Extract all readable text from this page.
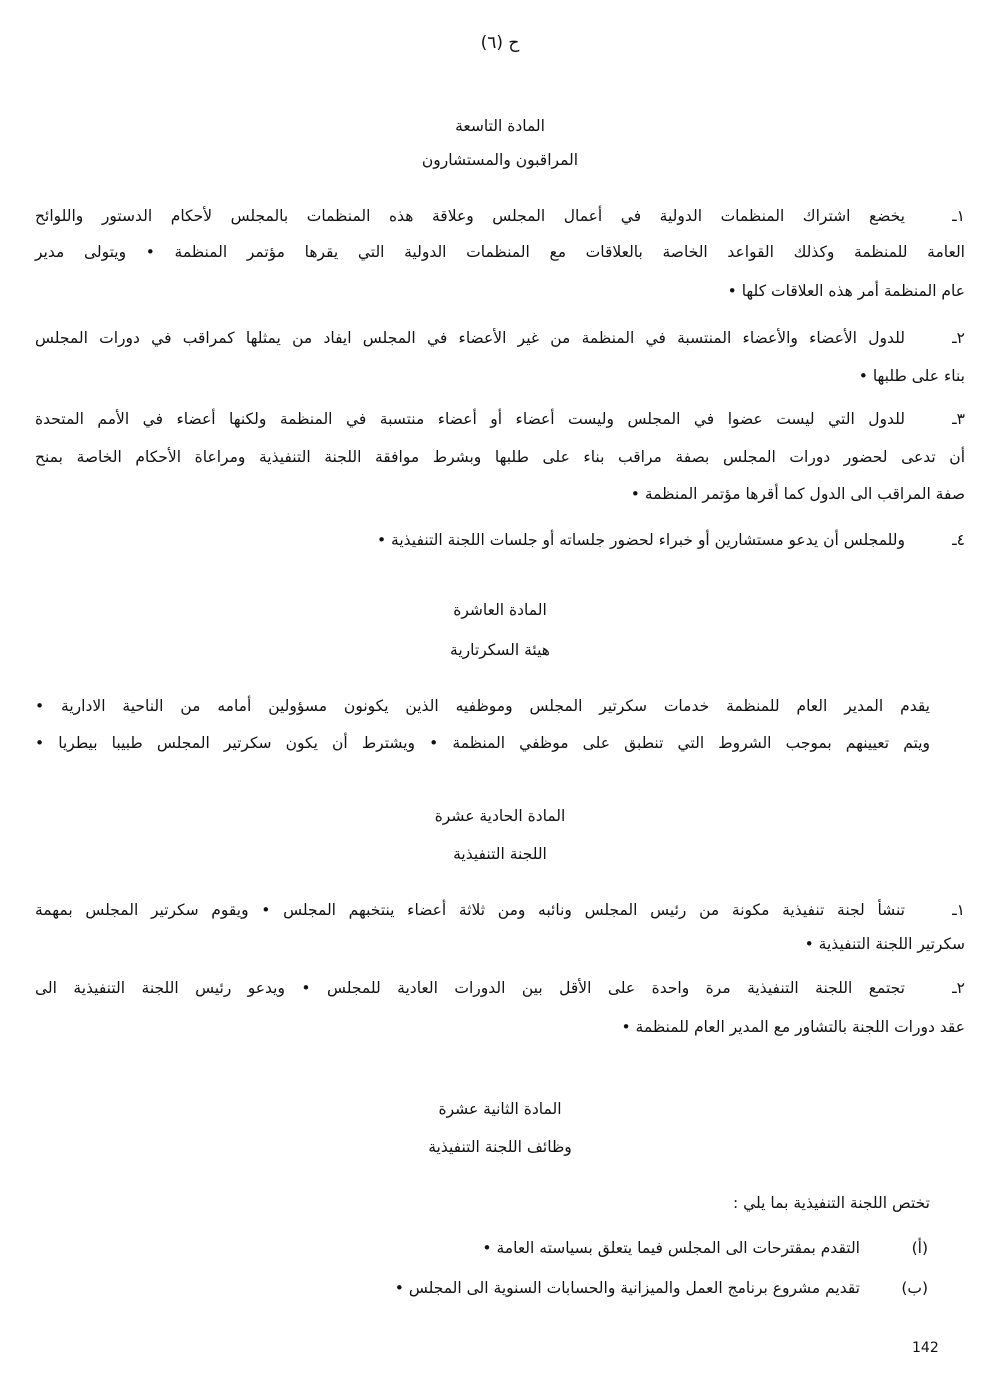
ح (٦)
المادة التاسعة
المراقبون والمستشارون
١ـ
يخضع اشتراك المنظمات الدولية في أعمال المجلس وعلاقة هذه المنظمات بالمجلس لأحكام الدستور واللوائح
العامة للمنظمة وكذلك القواعد الخاصة بالعلاقات مع المنظمات الدولية التي يقرها مؤتمر المنظمة • ويتولى مدير
عام المنظمة أمر هذه العلاقات كلها •
٢ـ
للدول الأعضاء والأعضاء المنتسبة في المنظمة من غير الأعضاء في المجلس ايفاد من يمثلها كمراقب في دورات المجلس
بناء على طلبها •
٣ـ
للدول التي ليست عضوا في المجلس وليست أعضاء أو أعضاء منتسبة في المنظمة ولكنها أعضاء في الأمم المتحدة
أن تدعى لحضور دورات المجلس بصفة مراقب بناء على طلبها وبشرط موافقة اللجنة التنفيذية ومراعاة الأحكام الخاصة بمنح
صفة المراقب الى الدول كما أقرها مؤتمر المنظمة •
٤ـ
وللمجلس أن يدعو مستشارين أو خبراء لحضور جلساته أو جلسات اللجنة التنفيذية •
المادة العاشرة
هيئة السكرتارية
يقدم المدير العام للمنظمة خدمات سكرتير المجلس وموظفيه الذين يكونون مسؤولين أمامه من الناحية الادارية •
ويتم تعيينهم بموجب الشروط التي تنطبق على موظفي المنظمة • ويشترط أن يكون سكرتير المجلس طبيبا بيطريا •
المادة الحادية عشرة
اللجنة التنفيذية
١ـ
تنشأ لجنة تنفيذية مكونة من رئيس المجلس ونائبه ومن ثلاثة أعضاء ينتخبهم المجلس • ويقوم سكرتير المجلس بمهمة
سكرتير اللجنة التنفيذية •
٢ـ
تجتمع اللجنة التنفيذية مرة واحدة على الأقل بين الدورات العادية للمجلس • ويدعو رئيس اللجنة التنفيذية الى
عقد دورات اللجنة بالتشاور مع المدير العام للمنظمة •
المادة الثانية عشرة
وظائف اللجنة التنفيذية
تختص اللجنة التنفيذية بما يلي :
(أ)
التقدم بمقترحات الى المجلس فيما يتعلق بسياسته العامة •
(ب)
تقديم مشروع برنامج العمل والميزانية والحسابات السنوية الى المجلس •
142
